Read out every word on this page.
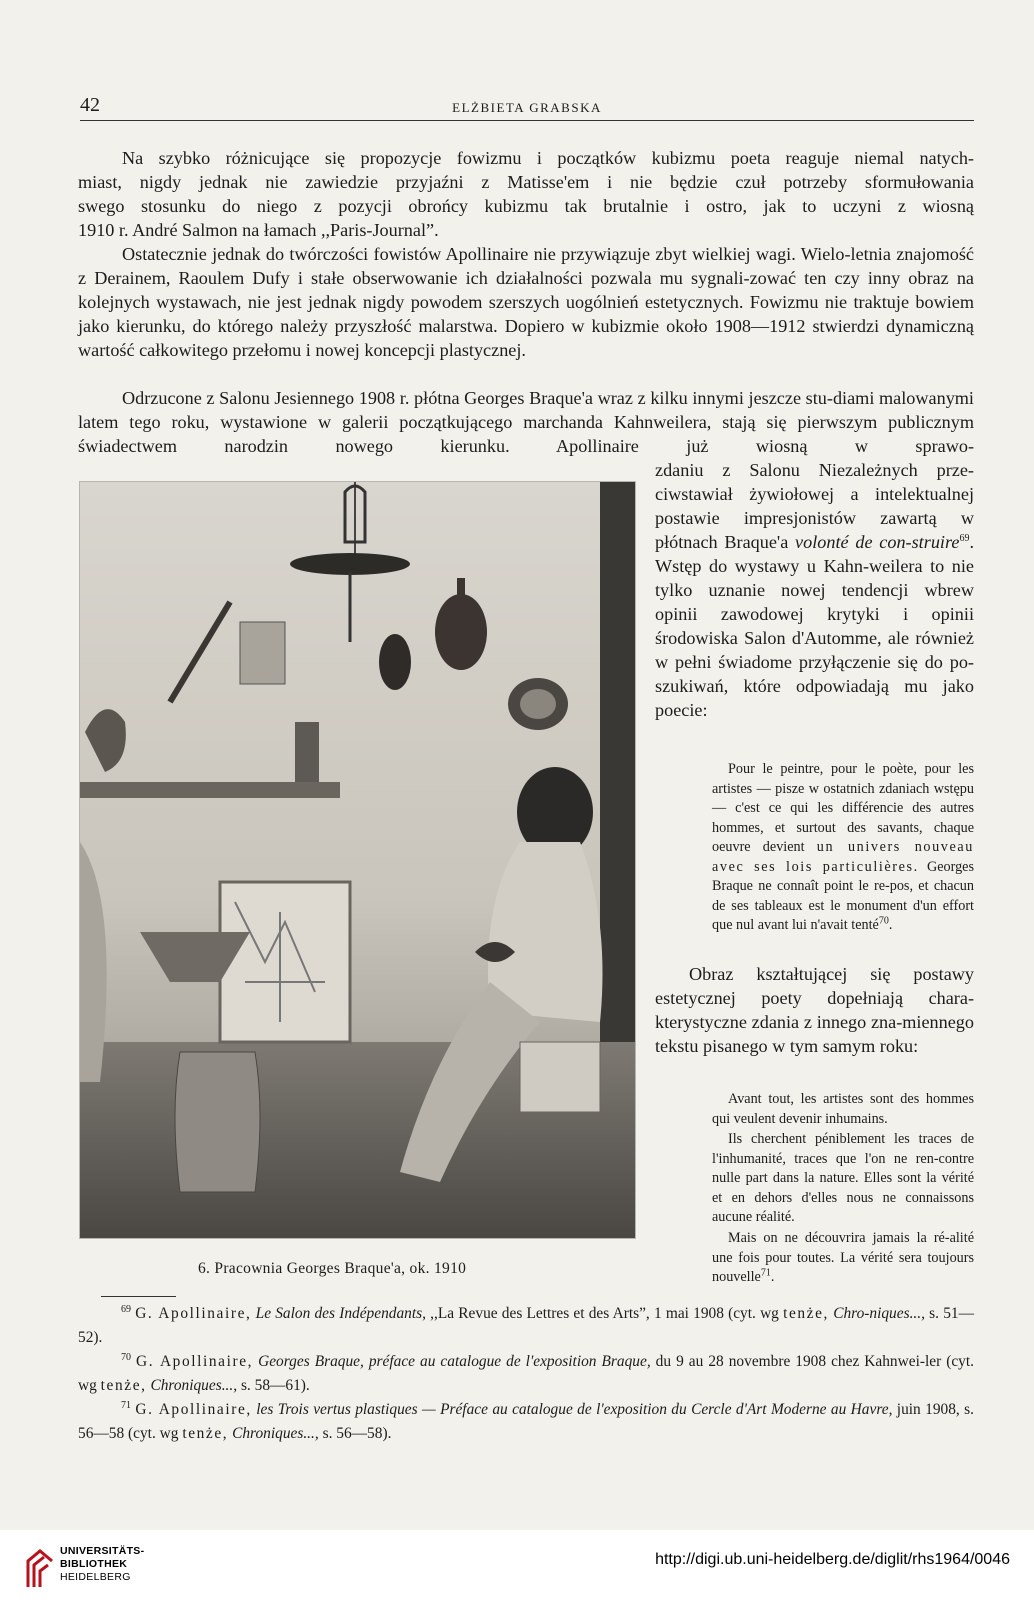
42	ELŻBIETA GRABSKA

Na szybko różnicujące się propozycje fowizmu i początków kubizmu poeta reaguje niemal natych-

miast, nigdy jednak nie zawiedzie przyjaźni z Matisse'em i nie będzie czuł potrzeby sformułowania

swego stosunku do niego z pozycji obrońcy kubizmu tak brutalnie i ostro, jak to uczyni z wiosną

1910 r. André Salmon na łamach ,,Paris-Journal”.

Ostatecznie jednak do twórczości fowistów Apollinaire nie przywiązuje zbyt wielkiej wagi. Wielo-letnia znajomość z Derainem, Raoulem Dufy i stałe obserwowanie ich działalności pozwala mu sygnali-zować ten czy inny obraz na kolejnych wystawach, nie jest jednak nigdy powodem szerszych uogólnień estetycznych. Fowizmu nie traktuje bowiem jako kierunku, do którego należy przyszłość malarstwa. Dopiero w kubizmie około 1908—1912 stwierdzi dynamiczną wartość całkowitego przełomu i nowej koncepcji plastycznej.

Odrzucone z Salonu Jesiennego 1908 r. płótna Georges Braque'a wraz z kilku innymi jeszcze stu-diami malowanymi latem tego roku, wystawione w galerii początkującego marchanda Kahnweilera, stają się pierwszym publicznym świadectwem narodzin nowego kierunku. Apollinaire już wiosną w sprawo-

zdaniu z Salonu Niezależnych prze-ciwstawiał żywiołowej a intelektualnej postawie impresjonistów zawartą w płótnach Braque'a volonté de con-struire$^{69}$. Wstęp do wystawy u Kahn-weilera to nie tylko uznanie nowej tendencji wbrew opinii zawodowej krytyki i opinii środowiska Salon d'Automme, ale również w pełni świadome przyłączenie się do po-szukiwań, które odpowiadają mu jako poecie:

Pour le peintre, pour le poète, pour les artistes — pisze w ostatnich zdaniach wstępu — c'est ce qui les différencie des autres hommes, et surtout des savants, chaque oeuvre devient un univers nouveau avec ses lois particulières. Georges Braque ne connaît point le re-pos, et chacun de ses tableaux est le monument d'un effort que nul avant lui n'avait tenté$^{70}$.

Obraz kształtującej się postawy estetycznej poety dopełniają chara-kterystyczne zdania z innego zna-miennego tekstu pisanego w tym samym roku:

Avant tout, les artistes sont des hommes qui veulent devenir inhumains.

Ils cherchent péniblement les traces de l'inhumanité, traces que l'on ne ren-contre nulle part dans la nature. Elles sont la vérité et en dehors d'elles nous ne connaissons aucune réalité.

Mais on ne découvrira jamais la ré-alité une fois pour toutes. La vérité sera toujours nouvelle$^{71}$.

6. Pracownia Georges Braque'a, ok. 1910

$^{69}$ G. Apollinaire, Le Salon des Indépendants, ,,La Revue des Lettres et des Arts”, 1 mai 1908 (cyt. wg tenże, Chro-niques..., s. 51—52).

$^{70}$ G. Apollinaire, Georges Braque, préface au catalogue de l'exposition Braque, du 9 au 28 novembre 1908 chez Kahnwei-ler (cyt. wg tenże, Chroniques..., s. 58—61).

$^{71}$ G. Apollinaire, les Trois vertus plastiques — Préface au catalogue de l'exposition du Cercle d'Art Moderne au Havre, juin 1908, s. 56—58 (cyt. wg tenże, Chroniques..., s. 56—58).

UNIVERSITÄTS-
BIBLIOTHEK

HEIDELBERG
http://digi.ub.uni-heidelberg.de/diglit/rhs1964/0046
